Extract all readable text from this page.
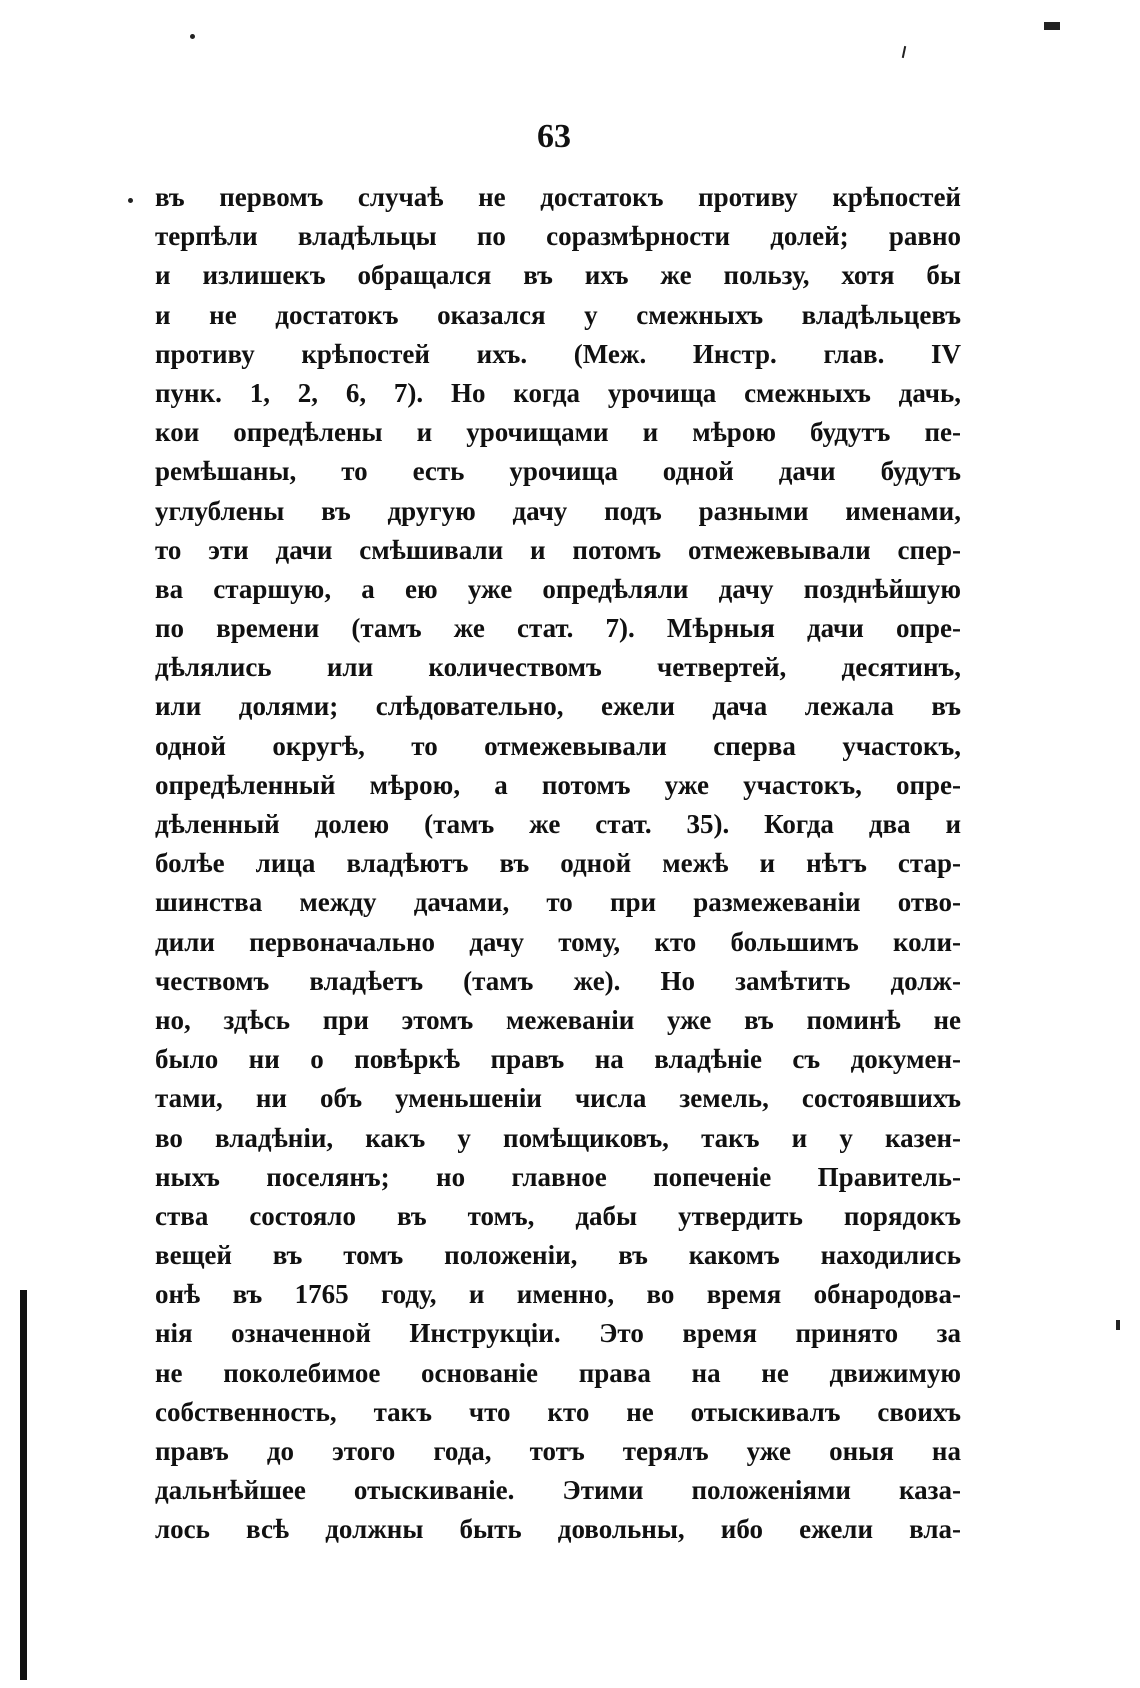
63
въ первомъ случаѣ не достатокъ противу крѣпостей
терпѣли владѣльцы по соразмѣрности долей; равно
и излишекъ обращался въ ихъ же пользу, хотя бы
и не достатокъ оказался у смежныхъ владѣльцевъ
противу крѣпостей ихъ. (Меж. Инстр. глав. IV
пунк. 1, 2, 6, 7). Но когда урочища смежныхъ дачь,
кои опредѣлены и урочищами и мѣрою будутъ пе-
ремѣшаны, то есть урочища одной дачи будутъ
углублены въ другую дачу подъ разными именами,
то эти дачи смѣшивали и потомъ отмежевывали спер-
ва старшую, а ею уже опредѣляли дачу позднѣйшую
по времени (тамъ же стат. 7). Мѣрныя дачи опре-
дѣлялись или количествомъ четвертей, десятинъ,
или долями; слѣдовательно, ежели дача лежала въ
одной округѣ, то отмежевывали сперва участокъ,
опредѣленный мѣрою, а потомъ уже участокъ, опре-
дѣленный долею (тамъ же стат. 35). Когда два и
болѣе лица владѣютъ въ одной межѣ и нѣтъ стар-
шинства между дачами, то при размежеванiи отво-
дили первоначально дачу тому, кто большимъ коли-
чествомъ владѣетъ (тамъ же). Но замѣтить долж-
но, здѣсь при этомъ межеванiи уже въ поминѣ не
было ни о повѣркѣ правъ на владѣнiе съ докумен-
тами, ни объ уменьшенiи числа земель, состоявшихъ
во владѣнiи, какъ у помѣщиковъ, такъ и у казен-
ныхъ поселянъ; но главное попеченiе Правитель-
ства состояло въ томъ, дабы утвердить порядокъ
вещей въ томъ положенiи, въ какомъ находились
онѣ въ 1765 году, и именно, во время обнародова-
нiя означенной Инструкцiи. Это время принято за
не поколебимое основанiе права на не движимую
собственность, такъ что кто не отыскивалъ своихъ
правъ до этого года, тотъ терялъ уже оныя на
дальнѣйшее отыскиванiе. Этими положенiями каза-
лось всѣ должны быть довольны, ибо ежели вла-
